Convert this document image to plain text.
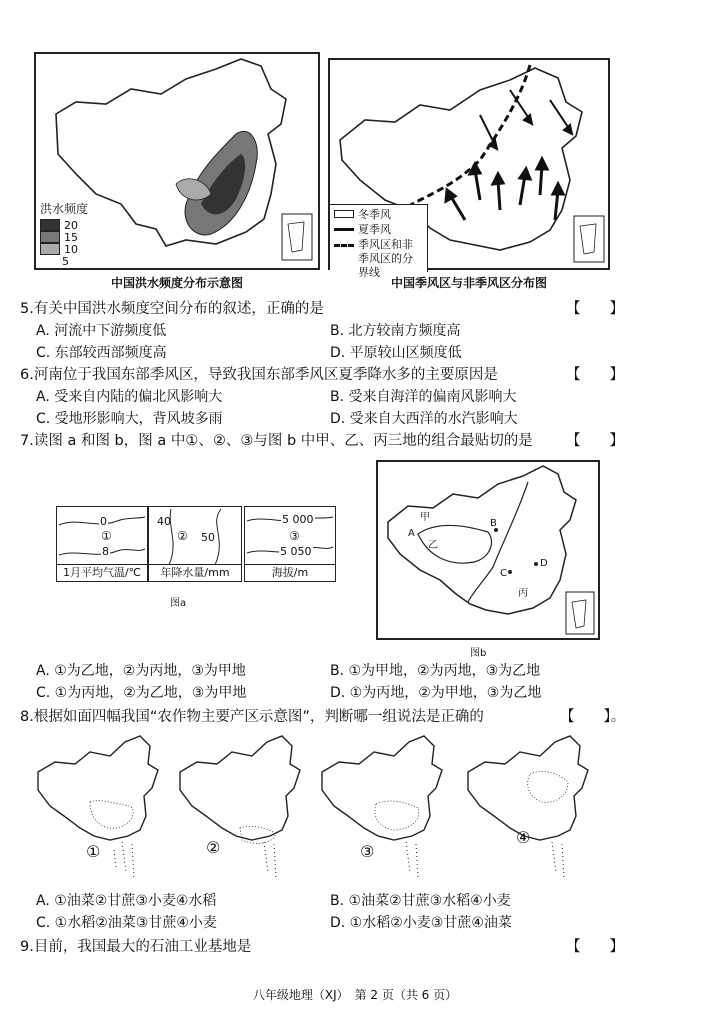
洪水频度
20
15
10
5
中国洪水频度分布示意图
冬季风
夏季风
季风区和非季风区的分界线
中国季风区与非季风区分布图
5.有关中国洪水频度空间分布的叙述，正确的是	【　　】
A. 河流中下游频度低	B. 北方较南方频度高
C. 东部较西部频度高	D. 平原较山区频度低
6.河南位于我国东部季风区，导致我国东部季风区夏季降水多的主要原因是	【　　】
A. 受来自内陆的偏北风影响大	B. 受来自海洋的偏南风影响大
C. 受地形影响大，背风坡多雨	D. 受来自大西洋的水汽影响大
7.读图 a 和图 b，图 a 中①、②、③与图 b 中甲、乙、丙三地的组合最贴切的是 【　　】
0
①
8
1月平均气温/℃
40
② 50
年降水量/mm
5 000
③
5 050
海拔/m
图a
甲
乙
丙
A
B
C
D
图b
A. ①为乙地，②为丙地，③为甲地	B. ①为甲地，②为丙地，③为乙地
C. ①为丙地，②为乙地，③为甲地	D. ①为丙地，②为甲地，③为乙地
8.根据如面四幅我国“农作物主要产区示意图”，判断哪一组说法是正确的	【　　】。
①	②	③
④
A. ①油菜②甘蔗③小麦④水稻	B. ①油菜②甘蔗③水稻④小麦
C. ①水稻②油菜③甘蔗④小麦	D. ①水稻②小麦③甘蔗④油菜
9.目前，我国最大的石油工业基地是	【　　】
八年级地理（XJ）　第 2 页（共 6 页）
